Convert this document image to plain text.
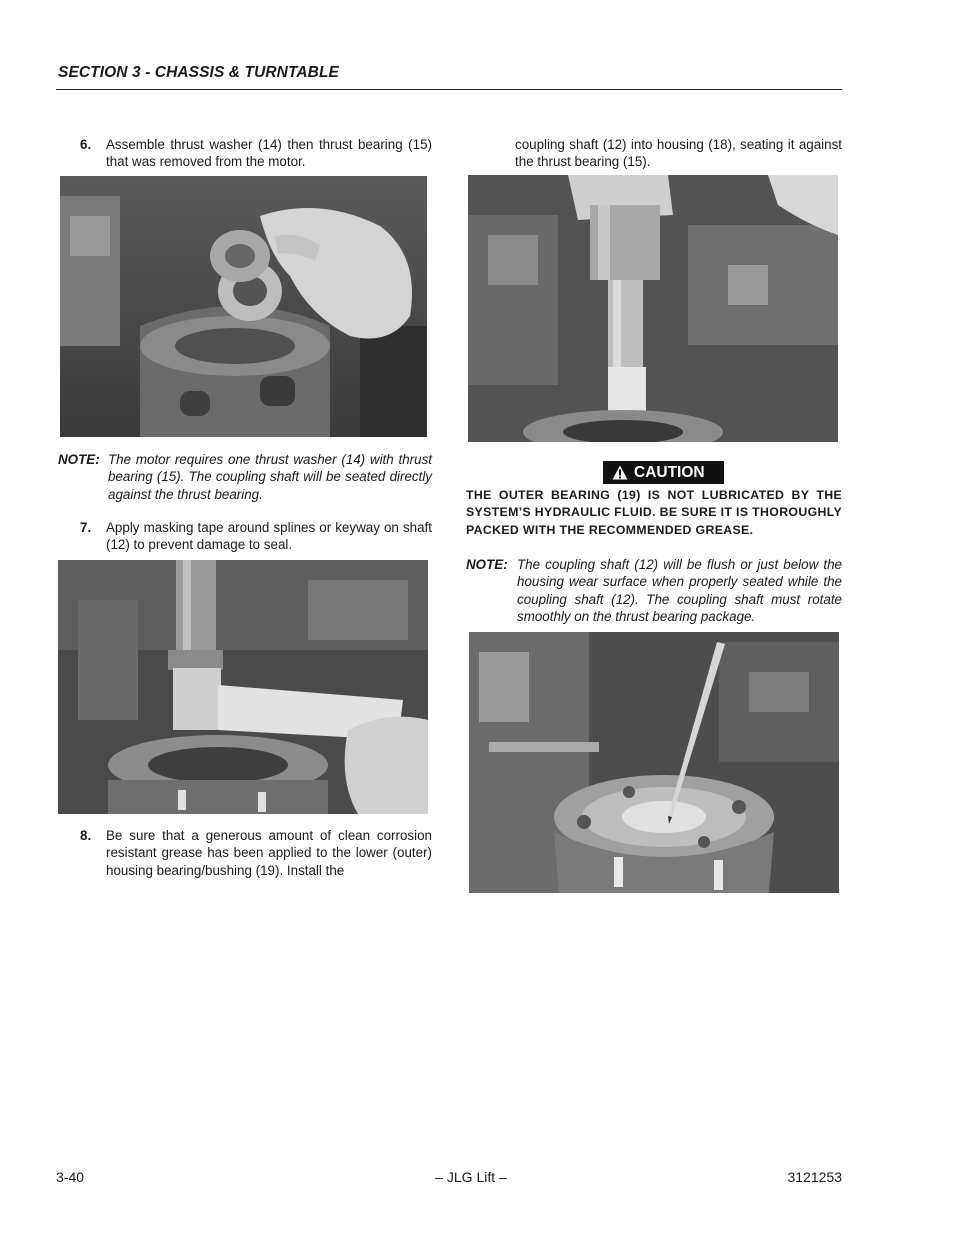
SECTION 3 - CHASSIS & TURNTABLE
6. Assemble thrust washer (14) then thrust bearing (15) that was removed from the motor.
NOTE: The motor requires one thrust washer (14) with thrust bearing (15). The coupling shaft will be seated directly against the thrust bearing.
7. Apply masking tape around splines or keyway on shaft (12) to prevent damage to seal.
8. Be sure that a generous amount of clean corrosion resistant grease has been applied to the lower (outer) housing bearing/bushing (19). Install the
coupling shaft (12) into housing (18), seating it against the thrust bearing (15).
CAUTION
THE OUTER BEARING (19) IS NOT LUBRICATED BY THE SYSTEM’S HYDRAULIC FLUID. BE SURE IT IS THOROUGHLY PACKED WITH THE RECOMMENDED GREASE.
NOTE: The coupling shaft (12) will be flush or just below the housing wear surface when properly seated while the coupling shaft (12). The coupling shaft must rotate smoothly on the thrust bearing package.
3-40	– JLG Lift –	3121253
